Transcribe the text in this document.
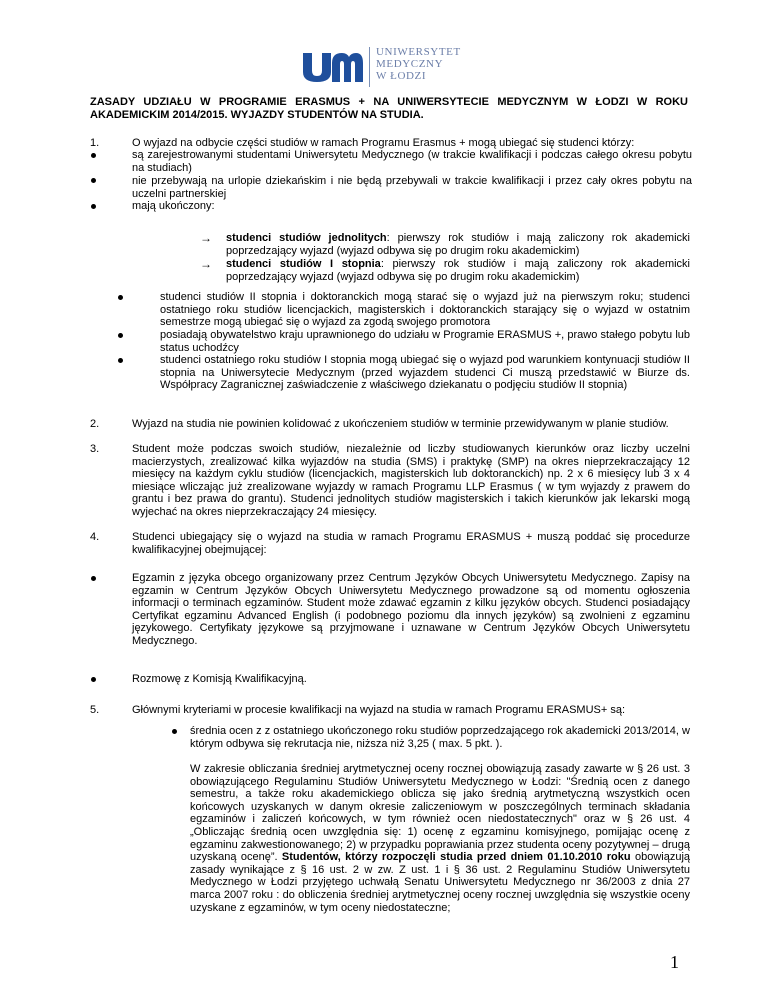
UNIWERSYTET
MEDYCZNY
W ŁODZI
ZASADY UDZIAŁU W PROGRAMIE ERASMUS + NA UNIWERSYTECIE MEDYCZNYM W ŁODZI W ROKU AKADEMICKIM 2014/2015. WYJAZDY STUDENTÓW NA STUDIA.
1.	O wyjazd na odbycie części studiów w ramach Programu Erasmus + mogą ubiegać się studenci którzy:
są zarejestrowanymi studentami Uniwersytetu Medycznego (w trakcie kwalifikacji i podczas całego okresu pobytu na studiach)
nie przebywają na urlopie dziekańskim i nie będą przebywali w trakcie kwalifikacji i przez cały okres pobytu na uczelni partnerskiej
mają ukończony:
→ studenci studiów jednolitych: pierwszy rok studiów i mają zaliczony rok akademicki poprzedzający wyjazd (wyjazd odbywa się po drugim roku akademickim)
→ studenci studiów I stopnia: pierwszy rok studiów i mają zaliczony rok akademicki poprzedzający wyjazd (wyjazd odbywa się po drugim roku akademickim)
studenci studiów II stopnia i doktoranckich mogą starać się o wyjazd już na pierwszym roku; studenci ostatniego roku studiów licencjackich, magisterskich i doktoranckich starający się o wyjazd w ostatnim semestrze mogą ubiegać się o wyjazd za zgodą swojego promotora
posiadają obywatelstwo kraju uprawnionego do udziału w Programie ERASMUS +, prawo stałego pobytu lub status uchodźcy
studenci ostatniego roku studiów I stopnia mogą ubiegać się o wyjazd pod warunkiem kontynuacji studiów II stopnia na Uniwersytecie Medycznym (przed wyjazdem studenci Ci muszą przedstawić w Biurze ds. Współpracy Zagranicznej zaświadczenie z właściwego dziekanatu o podjęciu studiów II stopnia)
2.	Wyjazd na studia nie powinien kolidować z ukończeniem studiów w terminie przewidywanym w planie studiów.
3.	Student może podczas swoich studiów, niezależnie od liczby studiowanych kierunków oraz liczby uczelni macierzystych, zrealizować kilka wyjazdów na studia (SMS) i praktykę (SMP) na okres nieprzekraczający 12 miesięcy na każdym cyklu studiów (licencjackich, magisterskich lub doktoranckich) np. 2 x 6 miesięcy lub 3 x 4 miesiące wliczając już zrealizowane wyjazdy w ramach Programu LLP Erasmus ( w tym wyjazdy z prawem do grantu i bez prawa do grantu). Studenci jednolitych studiów magisterskich i takich kierunków jak lekarski mogą wyjechać na okres nieprzekraczający 24 miesięcy.
4.	Studenci ubiegający się o wyjazd na studia w ramach Programu ERASMUS + muszą poddać się procedurze kwalifikacyjnej obejmującej:
Egzamin z języka obcego organizowany przez Centrum Języków Obcych Uniwersytetu Medycznego. Zapisy na egzamin w Centrum Języków Obcych Uniwersytetu Medycznego prowadzone są od momentu ogłoszenia informacji o terminach egzaminów. Student może zdawać egzamin z kilku języków obcych. Studenci posiadający Certyfikat egzaminu Advanced English (i podobnego poziomu dla innych języków) są zwolnieni z egzaminu językowego. Certyfikaty językowe są przyjmowane i uznawane w Centrum Języków Obcych Uniwersytetu Medycznego.
Rozmowę z Komisją Kwalifikacyjną.
5.	Głównymi kryteriami w procesie kwalifikacji na wyjazd na studia w ramach Programu ERASMUS+ są:
średnia ocen z z ostatniego ukończonego roku studiów poprzedzającego rok akademicki 2013/2014, w którym odbywa się rekrutacja nie, niższa niż 3,25 ( max. 5 pkt. ).
W zakresie obliczania średniej arytmetycznej oceny rocznej obowiązują zasady zawarte w § 26 ust. 3 obowiązującego Regulaminu Studiów Uniwersytetu Medycznego w Łodzi: "Średnią ocen z danego semestru, a także roku akademickiego oblicza się jako średnią arytmetyczną wszystkich ocen końcowych uzyskanych w danym okresie zaliczeniowym w poszczególnych terminach składania egzaminów i zaliczeń końcowych, w tym również ocen niedostatecznych" oraz w § 26 ust. 4 „Obliczając średnią ocen uwzględnia się: 1) ocenę z egzaminu komisyjnego, pomijając ocenę z egzaminu zakwestionowanego; 2) w przypadku poprawiania przez studenta oceny pozytywnej – drugą uzyskaną ocenę”. Studentów, którzy rozpoczęli studia przed dniem 01.10.2010 roku obowiązują zasady wynikające z § 16 ust. 2 w zw. Z ust. 1 i § 36 ust. 2 Regulaminu Studiów Uniwersytetu Medycznego w Łodzi przyjętego uchwałą Senatu Uniwersytetu Medycznego nr 36/2003 z dnia 27 marca 2007 roku : do obliczenia średniej arytmetycznej oceny rocznej uwzględnia się wszystkie oceny uzyskane z egzaminów, w tym oceny niedostateczne;
1
